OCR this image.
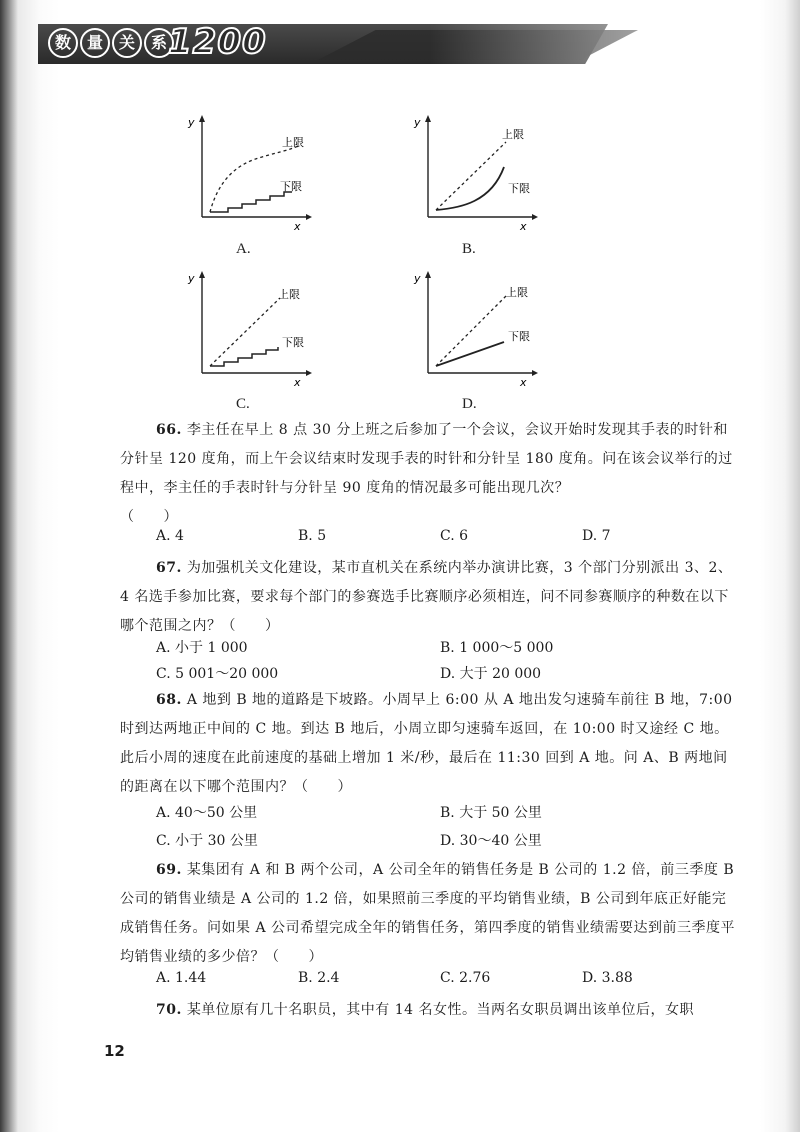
数 量 关 系 1200
y
x
上限
下限
A.
y
x
上限
下限
B.
y
x
上限
下限
C.
y
x
上限
下限
D.
66. 李主任在早上 8 点 30 分上班之后参加了一个会议，会议开始时发现其手表的时针和分针呈 120 度角，而上午会议结束时发现手表的时针和分针呈 180 度角。问在该会议举行的过程中，李主任的手表时针与分针呈 90 度角的情况最多可能出现几次？
（　　）
A. 4	B. 5	C. 6	D. 7
67. 为加强机关文化建设，某市直机关在系统内举办演讲比赛，3 个部门分别派出 3、2、4 名选手参加比赛，要求每个部门的参赛选手比赛顺序必须相连，问不同参赛顺序的种数在以下哪个范围之内？（　　）
A. 小于 1 000	B. 1 000～5 000
C. 5 001～20 000	D. 大于 20 000
68. A 地到 B 地的道路是下坡路。小周早上 6:00 从 A 地出发匀速骑车前往 B 地，7:00 时到达两地正中间的 C 地。到达 B 地后，小周立即匀速骑车返回，在 10:00 时又途经 C 地。此后小周的速度在此前速度的基础上增加 1 米/秒，最后在 11:30 回到 A 地。问 A、B 两地间的距离在以下哪个范围内？（　　）
A. 40～50 公里	B. 大于 50 公里
C. 小于 30 公里	D. 30～40 公里
69. 某集团有 A 和 B 两个公司，A 公司全年的销售任务是 B 公司的 1.2 倍，前三季度 B 公司的销售业绩是 A 公司的 1.2 倍，如果照前三季度的平均销售业绩，B 公司到年底正好能完成销售任务。问如果 A 公司希望完成全年的销售任务，第四季度的销售业绩需要达到前三季度平均销售业绩的多少倍？（　　）
A. 1.44	B. 2.4	C. 2.76	D. 3.88
70. 某单位原有几十名职员，其中有 14 名女性。当两名女职员调出该单位后，女职
12
